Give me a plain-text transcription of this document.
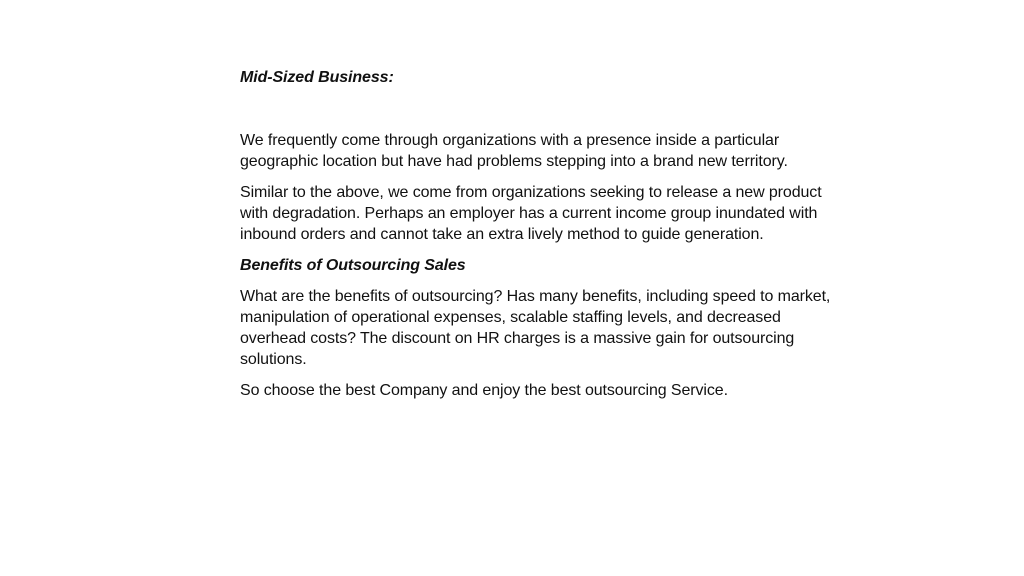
Mid-Sized Business:

We frequently come through organizations with a presence inside a particular geographic location but have had problems stepping into a brand new territory.

Similar to the above, we come from organizations seeking to release a new product with degradation. Perhaps an employer has a current income group inundated with inbound orders and cannot take an extra lively method to guide generation.

Benefits of Outsourcing Sales

What are the benefits of outsourcing? Has many benefits, including speed to market, manipulation of operational expenses, scalable staffing levels, and decreased overhead costs? The discount on HR charges is a massive gain for outsourcing solutions.

So choose the best Company and enjoy the best outsourcing Service.
